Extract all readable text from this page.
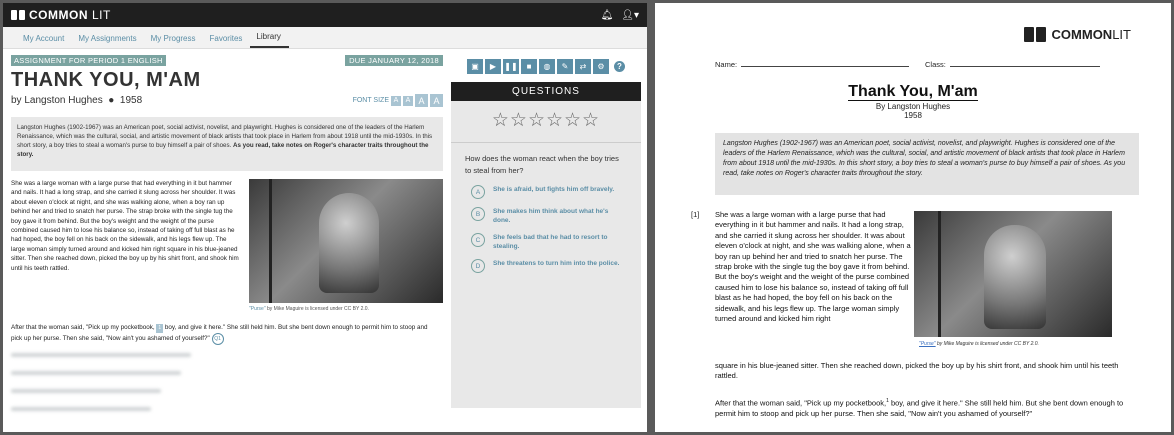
COMMON LIT	🔔︎ 👤︎▾
My Account	My Assignments	My Progress	Favorites	Library
ASSIGNMENT FOR PERIOD 1 ENGLISH	DUE JANUARY 12, 2018
THANK YOU, M'AM
by Langston Hughes  ●  1958	FONT SIZE A	A A A
Langston Hughes (1902-1967) was an American poet, social activist, novelist, and playwright. Hughes is considered one of the leaders of the Harlem Renaissance, which was the cultural, social, and artistic movement of black artists that took place in Harlem from about 1918 until the mid-1930s. In this short story, a boy tries to steal a woman's purse to buy himself a pair of shoes. As you read, take notes on Roger's character traits throughout the story.
She was a large woman with a large purse that had everything in it but hammer and nails. It had a long strap, and she carried it slung across her shoulder. It was about eleven o'clock at night, and she was walking alone, when a boy ran up behind her and tried to snatch her purse. The strap broke with the single tug the boy gave it from behind. But the boy's weight and the weight of the purse combined caused him to lose his balance so, instead of taking off full blast as he had hoped, the boy fell on his back on the sidewalk, and his legs flew up. The large woman simply turned around and kicked him right square in his blue-jeaned sitter. Then she reached down, picked the boy up by his shirt front, and shook him until his teeth rattled.
"Purse" by Mike Maguire is licensed under CC BY 2.0.
After that the woman said, "Pick up my pocketbook, 1 boy, and give it here." She still held him. But she bent down enough to permit him to stoop and pick up her purse. Then she said, "Now ain't you ashamed of yourself?" Q1
▣	▶	❚❚	■	◍	✎	⇄	⚙	?
QUESTIONS
☆☆☆☆☆☆
How does the woman react when the boy tries to steal from her?
A	She is afraid, but fights him off bravely.
B	She makes him think about what he's done.
C	She feels bad that he had to resort to stealing.
D	She threatens to turn him into the police.
COMMONLIT
Name:	Class:
Thank You, M'am
By Langston Hughes
1958
Langston Hughes (1902-1967) was an American poet, social activist, novelist, and playwright. Hughes is considered one of the leaders of the Harlem Renaissance, which was the cultural, social, and artistic movement of black artists that took place in Harlem from about 1918 until the mid-1930s. In this short story, a boy tries to steal a woman's purse to buy himself a pair of shoes. As you read, take notes on Roger's character traits throughout the story.
[1] She was a large woman with a large purse that had everything in it but hammer and nails. It had a long strap, and she carried it slung across her shoulder. It was about eleven o'clock at night, and she was walking alone, when a boy ran up behind her and tried to snatch her purse. The strap broke with the single tug the boy gave it from behind. But the boy's weight and the weight of the purse combined caused him to lose his balance so, instead of taking off full blast as he had hoped, the boy fell on his back on the sidewalk, and his legs flew up. The large woman simply turned around and kicked him right
"Purse" by Mike Maguire is licensed under CC BY 2.0.
square in his blue-jeaned sitter. Then she reached down, picked the boy up by his shirt front, and shook him until his teeth rattled.
After that the woman said, "Pick up my pocketbook,$^1$ boy, and give it here." She still held him. But she bent down enough to permit him to stoop and pick up her purse. Then she said, "Now ain't you ashamed of yourself?"
